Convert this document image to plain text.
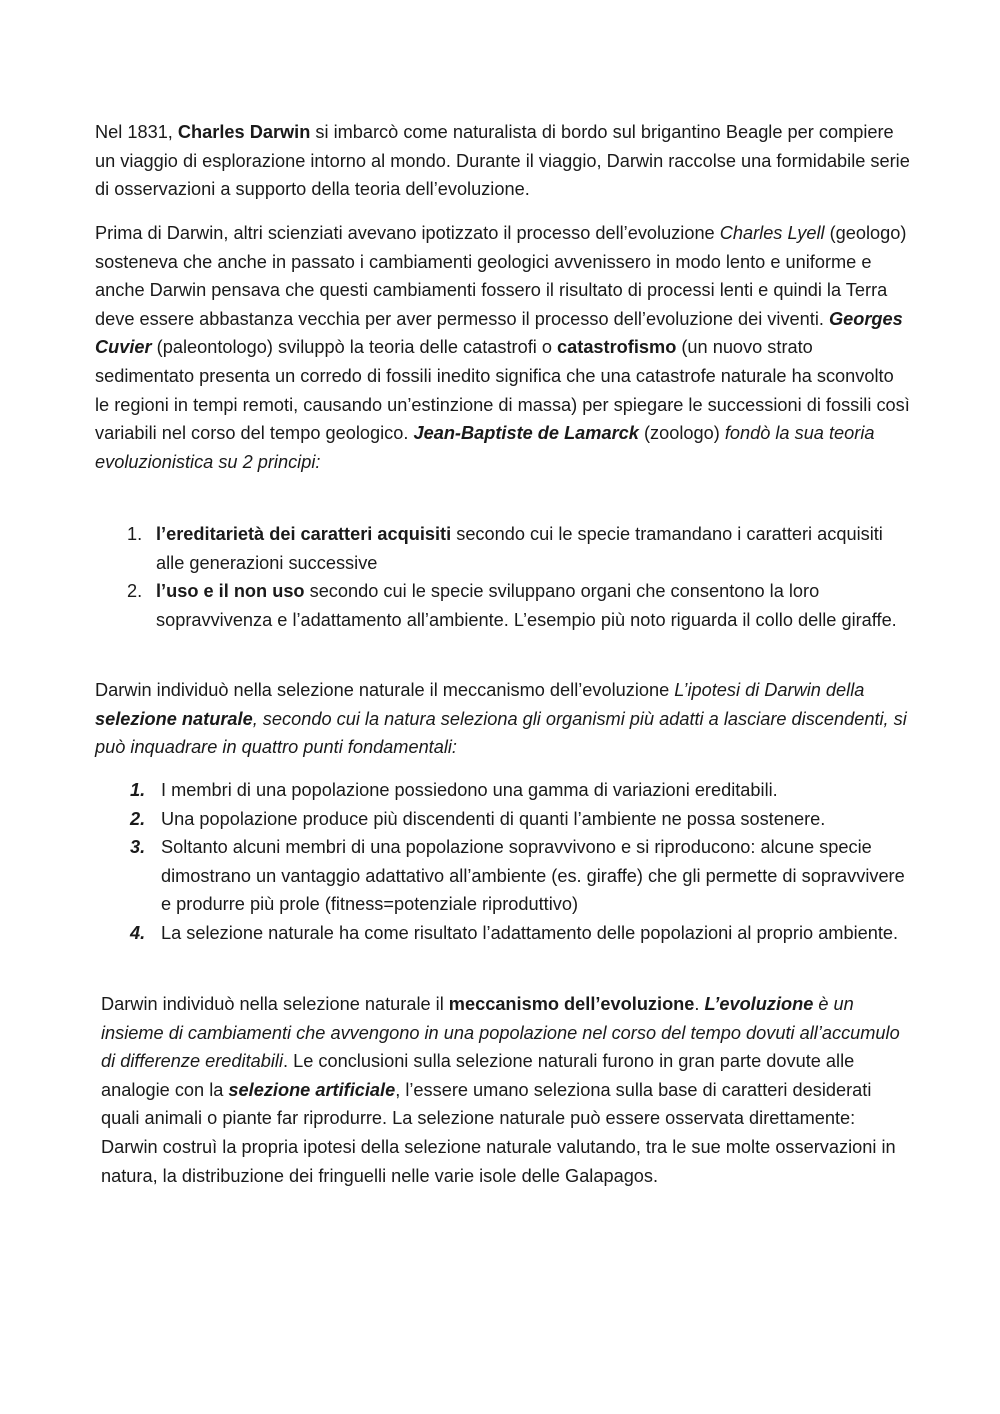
Nel 1831, Charles Darwin si imbarcò come naturalista di bordo sul brigantino Beagle per compiere un viaggio di esplorazione intorno al mondo. Durante il viaggio, Darwin raccolse una formidabile serie di osservazioni a supporto della teoria dell’evoluzione.

Prima di Darwin, altri scienziati avevano ipotizzato il processo dell’evoluzione Charles Lyell (geologo) sosteneva che anche in passato i cambiamenti geologici avvenissero in modo lento e uniforme e anche Darwin pensava che questi cambiamenti fossero il risultato di processi lenti e quindi la Terra deve essere abbastanza vecchia per aver permesso il processo dell’evoluzione dei viventi. Georges Cuvier (paleontologo) sviluppò la teoria delle catastrofi o catastrofismo (un nuovo strato sedimentato presenta un corredo di fossili inedito significa che una catastrofe naturale ha sconvolto le regioni in tempi remoti, causando un’estinzione di massa) per spiegare le successioni di fossili così variabili nel corso del tempo geologico. Jean-Baptiste de Lamarck (zoologo) fondò la sua teoria evoluzionistica su 2 principi:

1. l’ereditarietà dei caratteri acquisiti secondo cui le specie tramandano i caratteri acquisiti alle generazioni successive
2. l’uso e il non uso secondo cui le specie sviluppano organi che consentono la loro sopravvivenza e l’adattamento all’ambiente. L’esempio più noto riguarda il collo delle giraffe.

Darwin individuò nella selezione naturale il meccanismo dell’evoluzione L’ipotesi di Darwin della selezione naturale, secondo cui la natura seleziona gli organismi più adatti a lasciare discendenti, si può inquadrare in quattro punti fondamentali:

1. I membri di una popolazione possiedono una gamma di variazioni ereditabili.
2. Una popolazione produce più discendenti di quanti l’ambiente ne possa sostenere.
3. Soltanto alcuni membri di una popolazione sopravvivono e si riproducono: alcune specie dimostrano un vantaggio adattativo all’ambiente (es. giraffe) che gli permette di sopravvivere e produrre più prole (fitness=potenziale riproduttivo)
4. La selezione naturale ha come risultato l’adattamento delle popolazioni al proprio ambiente.

Darwin individuò nella selezione naturale il meccanismo dell’evoluzione. L’evoluzione è un insieme di cambiamenti che avvengono in una popolazione nel corso del tempo dovuti all’accumulo di differenze ereditabili. Le conclusioni sulla selezione naturali furono in gran parte dovute alle analogie con la selezione artificiale, l’essere umano seleziona sulla base di caratteri desiderati quali animali o piante far riprodurre. La selezione naturale può essere osservata direttamente: Darwin costruì la propria ipotesi della selezione naturale valutando, tra le sue molte osservazioni in natura, la distribuzione dei fringuelli nelle varie isole delle Galapagos.
